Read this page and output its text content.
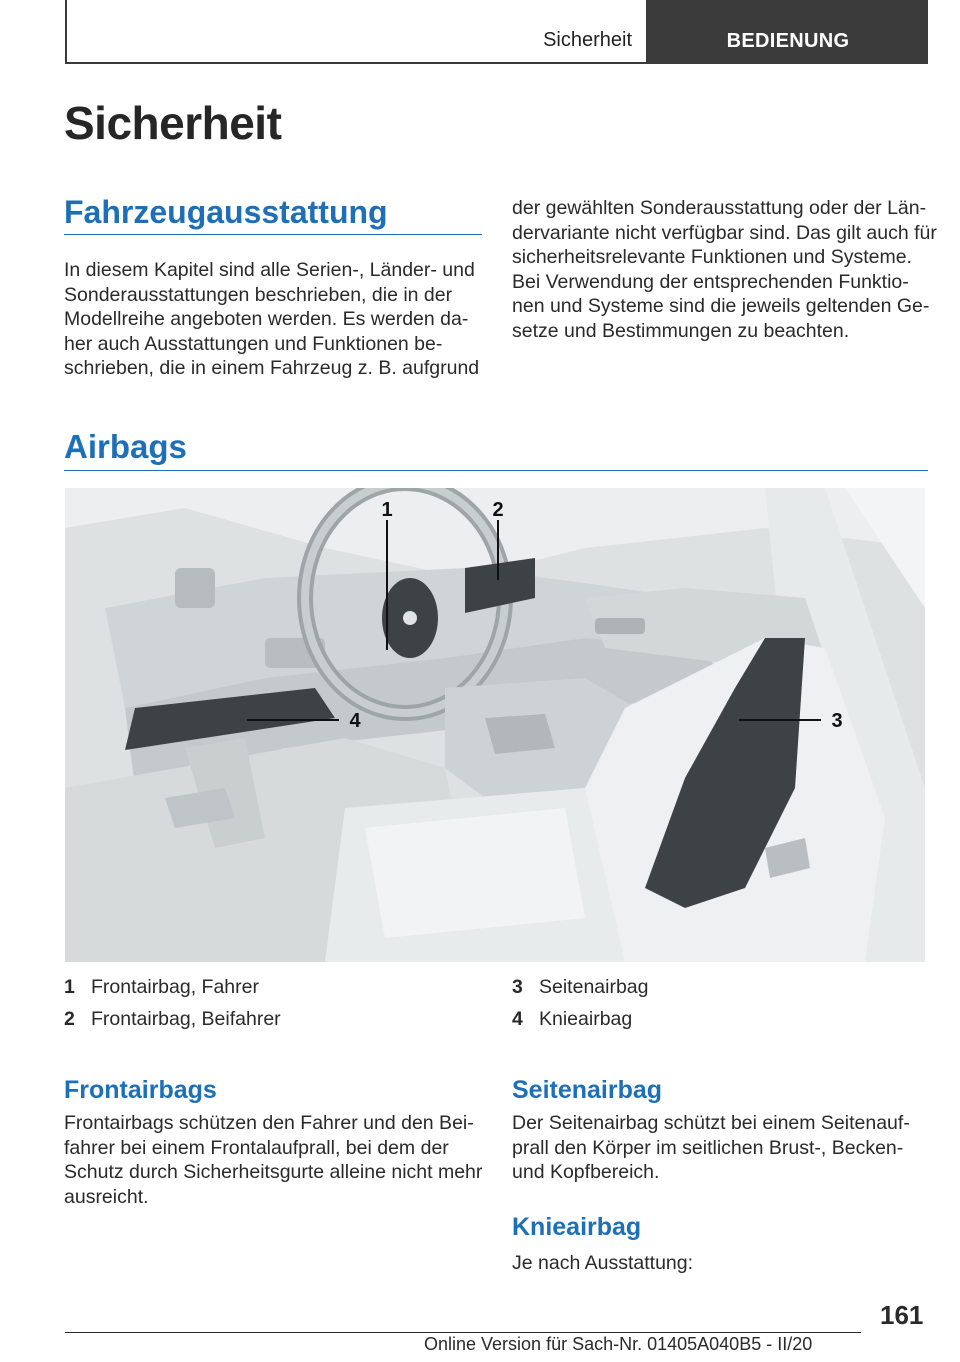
Sicherheit	BEDIENUNG
Sicherheit
Fahrzeugausstattung
In diesem Kapitel sind alle Serien-, Länder- und
Sonderausstattungen beschrieben, die in der
Modellreihe angeboten werden. Es werden da-
her auch Ausstattungen und Funktionen be-
schrieben, die in einem Fahrzeug z. B. aufgrund
der gewählten Sonderausstattung oder der Län-
dervariante nicht verfügbar sind. Das gilt auch für
sicherheitsrelevante Funktionen und Systeme.
Bei Verwendung der entsprechenden Funktio-
nen und Systeme sind die jeweils geltenden Ge-
setze und Bestimmungen zu beachten.
Airbags
1	2
3
4
1 Frontairbag, Fahrer
2 Frontairbag, Beifahrer
3 Seitenairbag
4 Knieairbag
Frontairbags
Frontairbags schützen den Fahrer und den Bei-
fahrer bei einem Frontalaufprall, bei dem der
Schutz durch Sicherheitsgurte alleine nicht mehr
ausreicht.
Seitenairbag
Der Seitenairbag schützt bei einem Seitenauf-
prall den Körper im seitlichen Brust-, Becken-
und Kopfbereich.
Knieairbag
Je nach Ausstattung:
161
Online Version für Sach-Nr. 01405A040B5 - II/20
